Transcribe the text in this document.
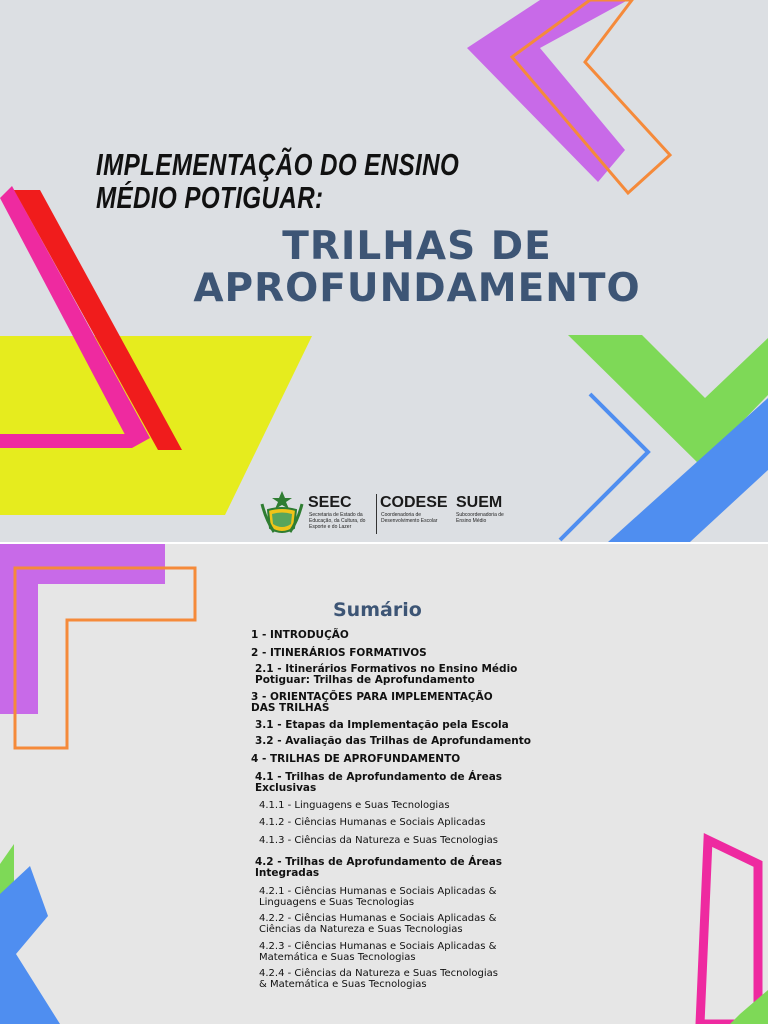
IMPLEMENTAÇÃO DO ENSINO
MÉDIO POTIGUAR:
TRILHAS DE
APROFUNDAMENTO
SEEC
Secretaria de Estado da Educação, da Cultura, do Esporte e do Lazer
CODESE
Coordenadoria de Desenvolvimento Escolar
SUEM
Subcoordenadoria de Ensino Médio
Sumário
1 - INTRODUÇÃO
2 - ITINERÁRIOS FORMATIVOS
2.1 - Itinerários Formativos no Ensino Médio
Potiguar: Trilhas de Aprofundamento
3 - ORIENTAÇÕES PARA IMPLEMENTAÇÃO
DAS TRILHAS
3.1 - Etapas da Implementação pela Escola
3.2 - Avaliação das Trilhas de Aprofundamento
4 - TRILHAS DE APROFUNDAMENTO
4.1 - Trilhas de Aprofundamento de Áreas
Exclusivas
4.1.1 - Linguagens e Suas Tecnologias
4.1.2 - Ciências Humanas e Sociais Aplicadas
4.1.3 - Ciências da Natureza e Suas Tecnologias
4.2 - Trilhas de Aprofundamento de Áreas
Integradas
4.2.1 - Ciências Humanas e Sociais Aplicadas &
Linguagens e Suas Tecnologias
4.2.2 - Ciências Humanas e Sociais Aplicadas &
Ciências da Natureza e Suas Tecnologias
4.2.3 - Ciências Humanas e Sociais Aplicadas &
Matemática e Suas Tecnologias
4.2.4 - Ciências da Natureza e Suas Tecnologias
& Matemática e Suas Tecnologias
